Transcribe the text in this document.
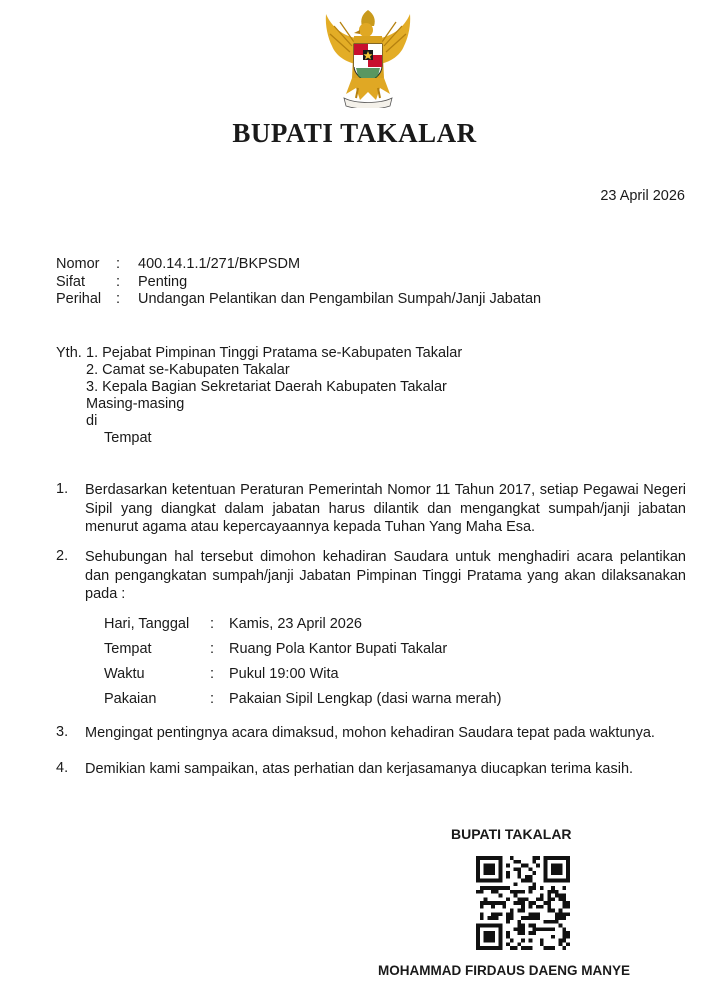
BUPATI TAKALAR
23 April 2026
Nomor	:	400.14.1.1/271/BKPSDM
Sifat	:	Penting
Perihal	:	Undangan Pelantikan dan Pengambilan Sumpah/Janji Jabatan
Yth. 1. Pejabat Pimpinan Tinggi Pratama se-Kabupaten Takalar
2. Camat se-Kabupaten Takalar
3. Kepala Bagian Sekretariat Daerah Kabupaten Takalar
Masing-masing
di
Tempat
1. Berdasarkan ketentuan Peraturan Pemerintah Nomor 11 Tahun 2017, setiap Pegawai Negeri Sipil yang diangkat dalam jabatan harus dilantik dan mengangkat sumpah/janji jabatan menurut agama atau kepercayaannya kepada Tuhan Yang Maha Esa.
2. Sehubungan hal tersebut dimohon kehadiran Saudara untuk menghadiri acara pelantikan dan pengangkatan sumpah/janji Jabatan Pimpinan Tinggi Pratama yang akan dilaksanakan pada :
Hari, Tanggal	:	Kamis, 23 April 2026
Tempat	:	Ruang Pola Kantor Bupati Takalar
Waktu	:	Pukul 19:00 Wita
Pakaian	:	Pakaian Sipil Lengkap (dasi warna merah)
3. Mengingat pentingnya acara dimaksud, mohon kehadiran Saudara tepat pada waktunya.
4. Demikian kami sampaikan, atas perhatian dan kerjasamanya diucapkan terima kasih.
BUPATI TAKALAR
MOHAMMAD FIRDAUS DAENG MANYE
